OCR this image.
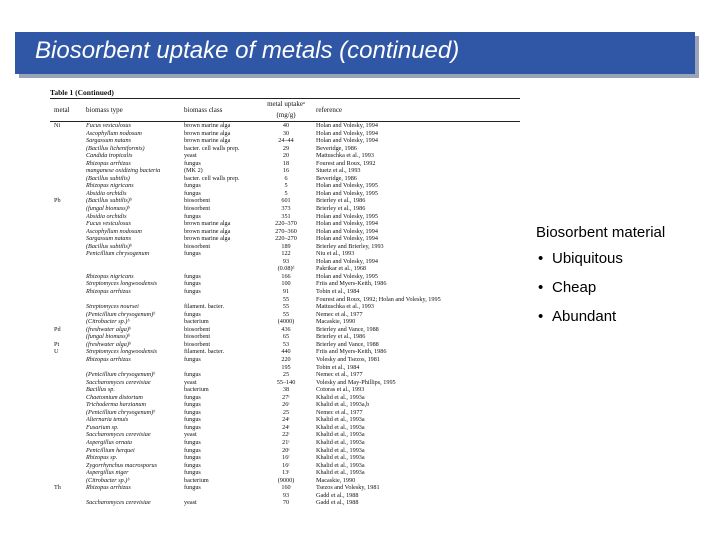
Biosorbent uptake of metals (continued)
Table 1 (Continued)
metal	biomass type	biomass class	metal uptakeᵃ (mg/g)	reference
Ni	Fucus vesiculosus	brown marine alga	40	Holan and Volesky, 1994
	Ascophyllum nodosum	brown marine alga	30	Holan and Volesky, 1994
	Sargassum natans	brown marine alga	24–44	Holan and Volesky, 1994
	(Bacillus licheniformis)	bacter. cell walls prep.	29	Beveridge, 1986
	Candida tropicalis	yeast	20	Mattuschka et al., 1993
	Rhizopus arrhizus	fungus	18	Fourest and Roux, 1992
	manganese oxidizing bacteria	(MK 2)	16	Stuetz et al., 1993
	(Bacillus subtilis)	bacter. cell walls prep.	6	Beveridge, 1986
	Rhizopus nigricans	fungus	5	Holan and Volesky, 1995
	Absidia orchidis	fungus	5	Holan and Volesky, 1995
Pb	(Bacillus subtilis)ᵇ	biosorbent	601	Brierley et al., 1986
	(fungal biomass)ᵇ	biosorbent	373	Brierley et al., 1986
	Absidia orchidis	fungus	351	Holan and Volesky, 1995
	Fucus vesiculosus	brown marine alga	220–370	Holan and Volesky, 1994
	Ascophyllum nodosum	brown marine alga	270–360	Holan and Volesky, 1994
	Sargassum natans	brown marine alga	220–270	Holan and Volesky, 1994
	(Bacillus subtilis)ᵇ	biosorbent	189	Brierley and Brierley, 1993
	Penicillium chrysogenum	fungus	122	Niu et al., 1993
			93	Holan and Volesky, 1994
			(0.08)ᵈ	Pakrikar et al., 1968
	Rhizopus nigricans	fungus	166	Holan and Volesky, 1995
	Streptomyces longwoodensis	fungus	100	Friis and Myers-Keith, 1986
	Rhizopus arrhizus	fungus	91	Tobin et al., 1984
			55	Fourest and Roux, 1992; Holan and Volesky, 1995
	Streptomyces noursei	filament. bacter.	55	Mattuschka et al., 1993
	(Penicillium chrysogenum)ᵇ	fungus	55	Nemec et al., 1977
	(Citrobacter sp.)ᵇ	bacterium	(4000)	Macaskie, 1990
Pd	(freshwater alga)ᵇ	biosorbent	436	Brierley and Vance, 1988
	(fungal biomass)ᵇ	biosorbent	65	Brierley et al., 1986
Pt	(freshwater alga)ᵇ	biosorbent	53	Brierley and Vance, 1988
U	Streptomyces longwoodensis	filament. bacter.	440	Friis and Myers-Keith, 1986
	Rhizopus arrhizus	fungus	220	Volesky and Tsezos, 1981
			195	Tobin et al., 1984
	(Penicillium chrysogenum)ᵇ	fungus	25	Nemec et al., 1977
	Saccharomyces cerevisiae	yeast	55–140	Volesky and May-Phillips, 1995
	Bacillus sp.	bacterium	38	Cotoras et al., 1993
	Chaetomium distortum	fungus	27ᶜ	Khalid et al., 1993a
	Trichoderma harzianum	fungus	26ᶜ	Khalid et al., 1993a,b
	(Penicillium chrysogenum)ᵇ	fungus	25	Nemec et al., 1977
	Alternaria tenuis	fungus	24ᶜ	Khalid et al., 1993a
	Fusarium sp.	fungus	24ᶜ	Khalid et al., 1993a
	Saccharomyces cerevisiae	yeast	22ᶜ	Khalid et al., 1993a
	Aspergillus ornata	fungus	21ᶜ	Khalid et al., 1993a
	Penicillium herquei	fungus	20ᶜ	Khalid et al., 1993a
	Rhizopus sp.	fungus	16ᶜ	Khalid et al., 1993a
	Zygorrhynchus macrosporus	fungus	16ᶜ	Khalid et al., 1993a
	Aspergillus niger	fungus	13ᶜ	Khalid et al., 1993a
	(Citrobacter sp.)ᵇ	bacterium	(9000)	Macaskie, 1990
Th	Rhizopus arrhizus	fungus	160	Tsezos and Volesky, 1981
			93	Gadd et al., 1988
	Saccharomyces cerevisiae	yeast	70	Gadd et al., 1988
Biosorbent material
• Ubiquitous
• Cheap
• Abundant
